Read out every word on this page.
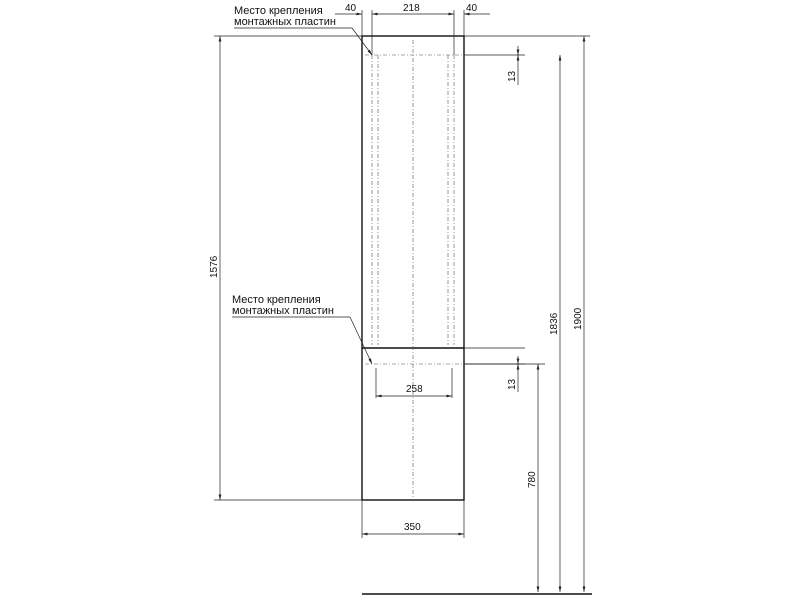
40	218	40
Место крепления
монтажных пластин
Место крепления
монтажных пластин
13
13
258
350
1576
1836 1900
780
